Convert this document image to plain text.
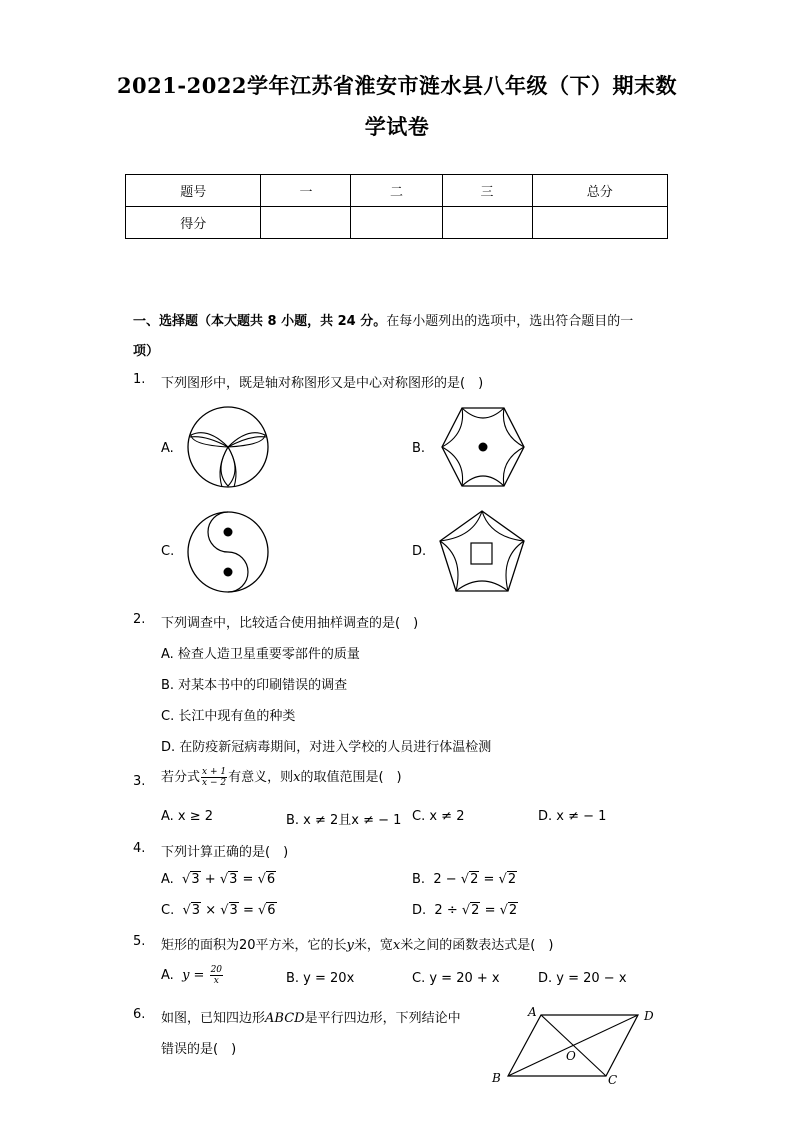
2021-2022学年江苏省淮安市涟水县八年级（下）期末数
学试卷
题号	一	二	三	总分
得分				
一、选择题（本大题共 8 小题，共 24 分。在每小题列出的选项中，选出符合题目的一
项）
1. 下列图形中，既是轴对称图形又是中心对称图形的是(　)
A.	B.
C.	D.
2. 下列调查中，比较适合使用抽样调查的是(　)
A. 检查人造卫星重要零部件的质量
B. 对某本书中的印刷错误的调查
C. 长江中现有鱼的种类
D. 在防疫新冠病毒期间，对进入学校的人员进行体温检测
3. 若分式 $\frac{x + 1}{x - 2}$ 有意义，则x的取值范围是(　)
A. x ≥ 2	B. x ≠ 2且x ≠ − 1 C. x ≠ 2	D. x ≠ − 1
4. 下列计算正确的是(　)
A.  √3 + √3 = √6	B. 2 − √2 = √2
C.  √3 × √3 = √6	D. 2 ÷ √2 = √2
5. 矩形的面积为20平方米，它的长y米，宽x米之间的函数表达式是(　)
A. $y = \frac{20}{x}$	B. y = 20x	C. y = 20 + x	D. y = 20 − x
6. 如图，已知四边形ABCD是平行四边形，下列结论中
错误的是(　)
A
B	C
D
O
